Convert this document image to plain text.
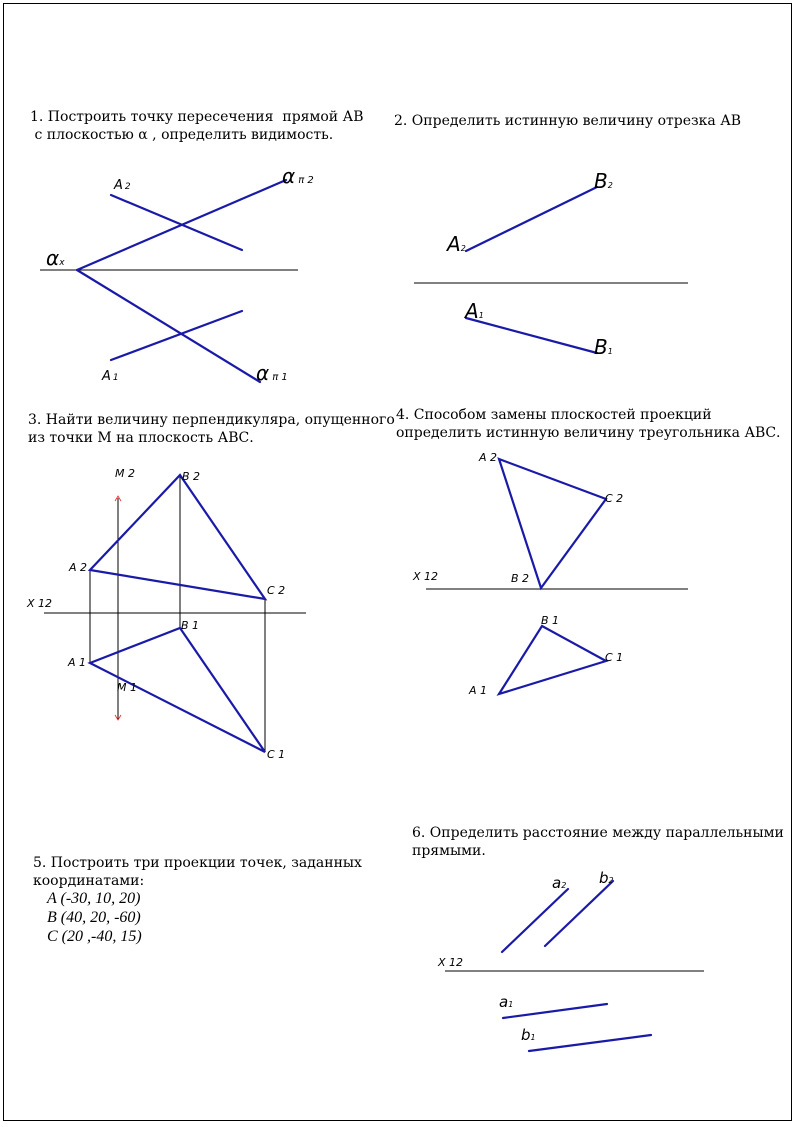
1. Построить точку пересечения  прямой АВ
с плоскостью α , определить видимость.
2. Определить истинную величину отрезка АВ
3. Найти величину перпендикуляра, опущенного
из точки М на плоскость АВС.
4. Способом замены плоскостей проекций
определить истинную величину треугольника АВС.
5. Построить три проекции точек, заданных
координатами:
6. Определить расстояние между параллельными
прямыми.
A (-30, 10, 20)
B (40, 20, -60)
C (20 ,-40, 15)
A 2
A 1
αx
απ 2
απ 1
A2
B2
A1
B1
M 2	B 2
A 2
C 2
X 12
B 1
A 1
M 1
C 1
A 2
C 2
X 12	B 2
B 1
C 1
A 1
a2 b2
X 12
a1
b1
